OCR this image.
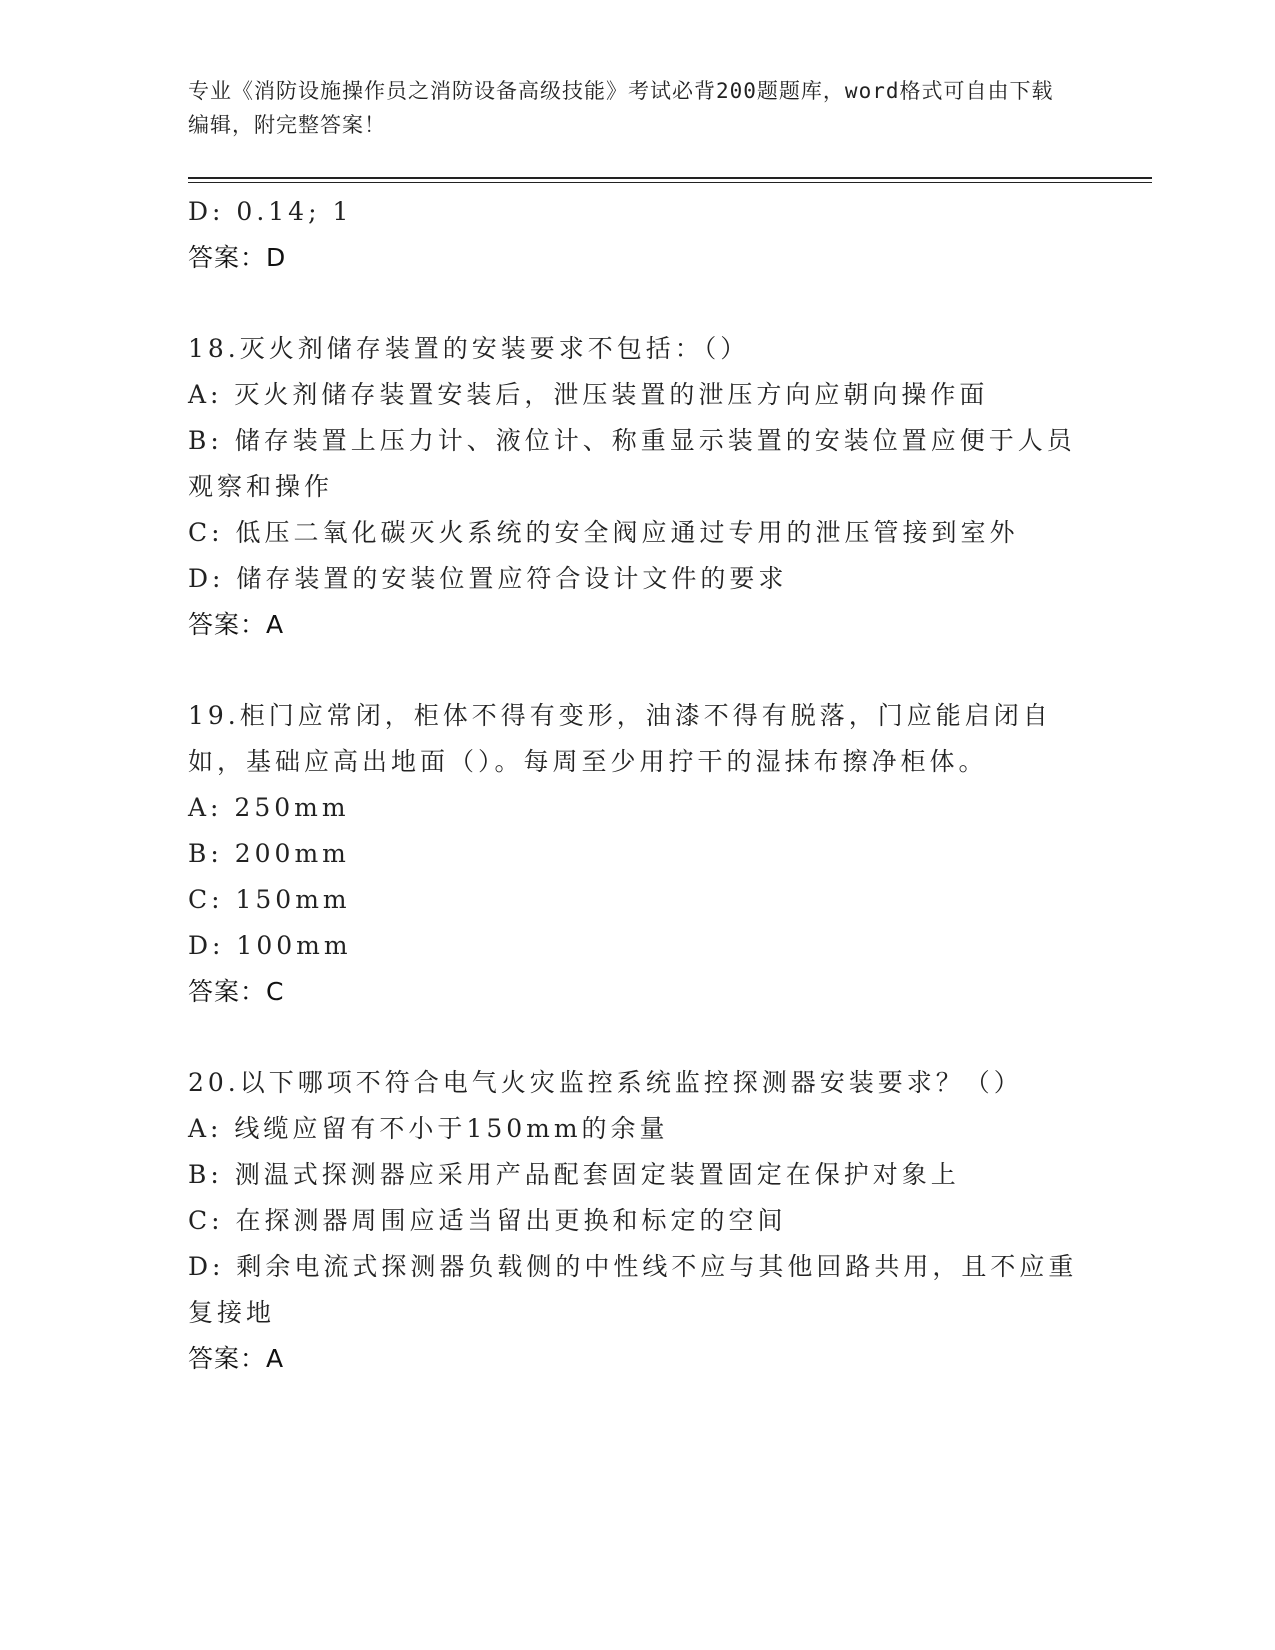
专业《消防设施操作员之消防设备高级技能》考试必背200题题库，word格式可自由下载编辑，附完整答案！
D: 0.14; 1
答案：D
18.灭火剂储存装置的安装要求不包括：（）
A: 灭火剂储存装置安装后，泄压装置的泄压方向应朝向操作面
B: 储存装置上压力计、液位计、称重显示装置的安装位置应便于人员观察和操作
C: 低压二氧化碳灭火系统的安全阀应通过专用的泄压管接到室外
D: 储存装置的安装位置应符合设计文件的要求
答案：A
19.柜门应常闭，柜体不得有变形，油漆不得有脱落，门应能启闭自如，基础应高出地面（）。每周至少用拧干的湿抹布擦净柜体。
A: 250mm
B: 200mm
C: 150mm
D: 100mm
答案：C
20.以下哪项不符合电气火灾监控系统监控探测器安装要求？（）
A: 线缆应留有不小于150mm的余量
B: 测温式探测器应采用产品配套固定装置固定在保护对象上
C: 在探测器周围应适当留出更换和标定的空间
D: 剩余电流式探测器负载侧的中性线不应与其他回路共用，且不应重复接地
答案：A
